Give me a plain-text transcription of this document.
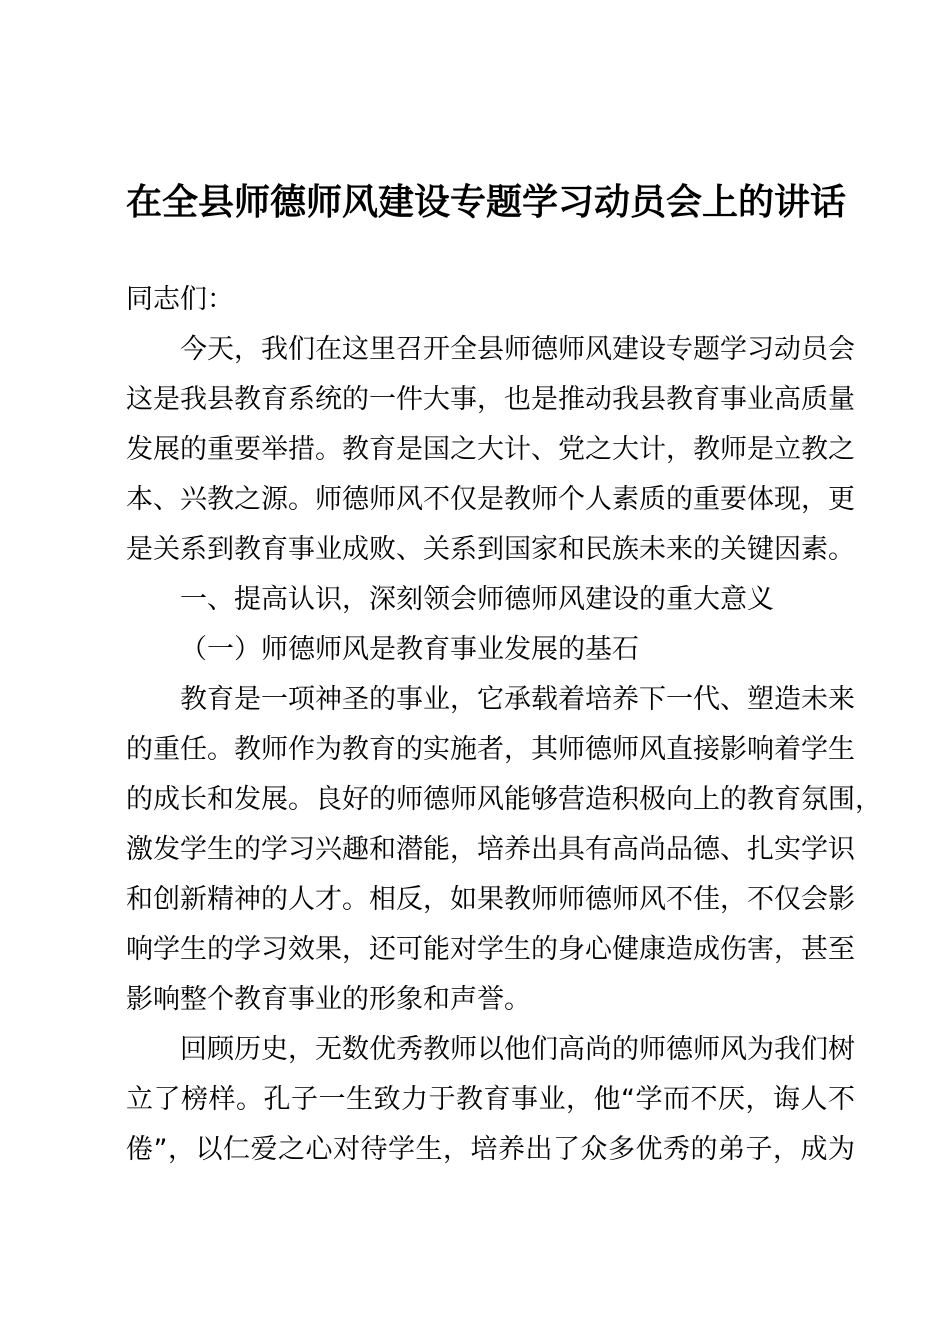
在全县师德师风建设专题学习动员会上的讲话
同志们：
今天，我们在这里召开全县师德师风建设专题学习动员会
这是我县教育系统的一件大事，也是推动我县教育事业高质量
发展的重要举措。教育是国之大计、党之大计，教师是立教之
本、兴教之源。师德师风不仅是教师个人素质的重要体现，更
是关系到教育事业成败、关系到国家和民族未来的关键因素。
一、提高认识，深刻领会师德师风建设的重大意义
（一）师德师风是教育事业发展的基石
教育是一项神圣的事业，它承载着培养下一代、塑造未来
的重任。教师作为教育的实施者，其师德师风直接影响着学生
的成长和发展。良好的师德师风能够营造积极向上的教育氛围，
激发学生的学习兴趣和潜能，培养出具有高尚品德、扎实学识
和创新精神的人才。相反，如果教师师德师风不佳，不仅会影
响学生的学习效果，还可能对学生的身心健康造成伤害，甚至
影响整个教育事业的形象和声誉。
回顾历史，无数优秀教师以他们高尚的师德师风为我们树
立了榜样。孔子一生致力于教育事业，他“学而不厌，诲人不
倦”，以仁爱之心对待学生，培养出了众多优秀的弟子，成为
